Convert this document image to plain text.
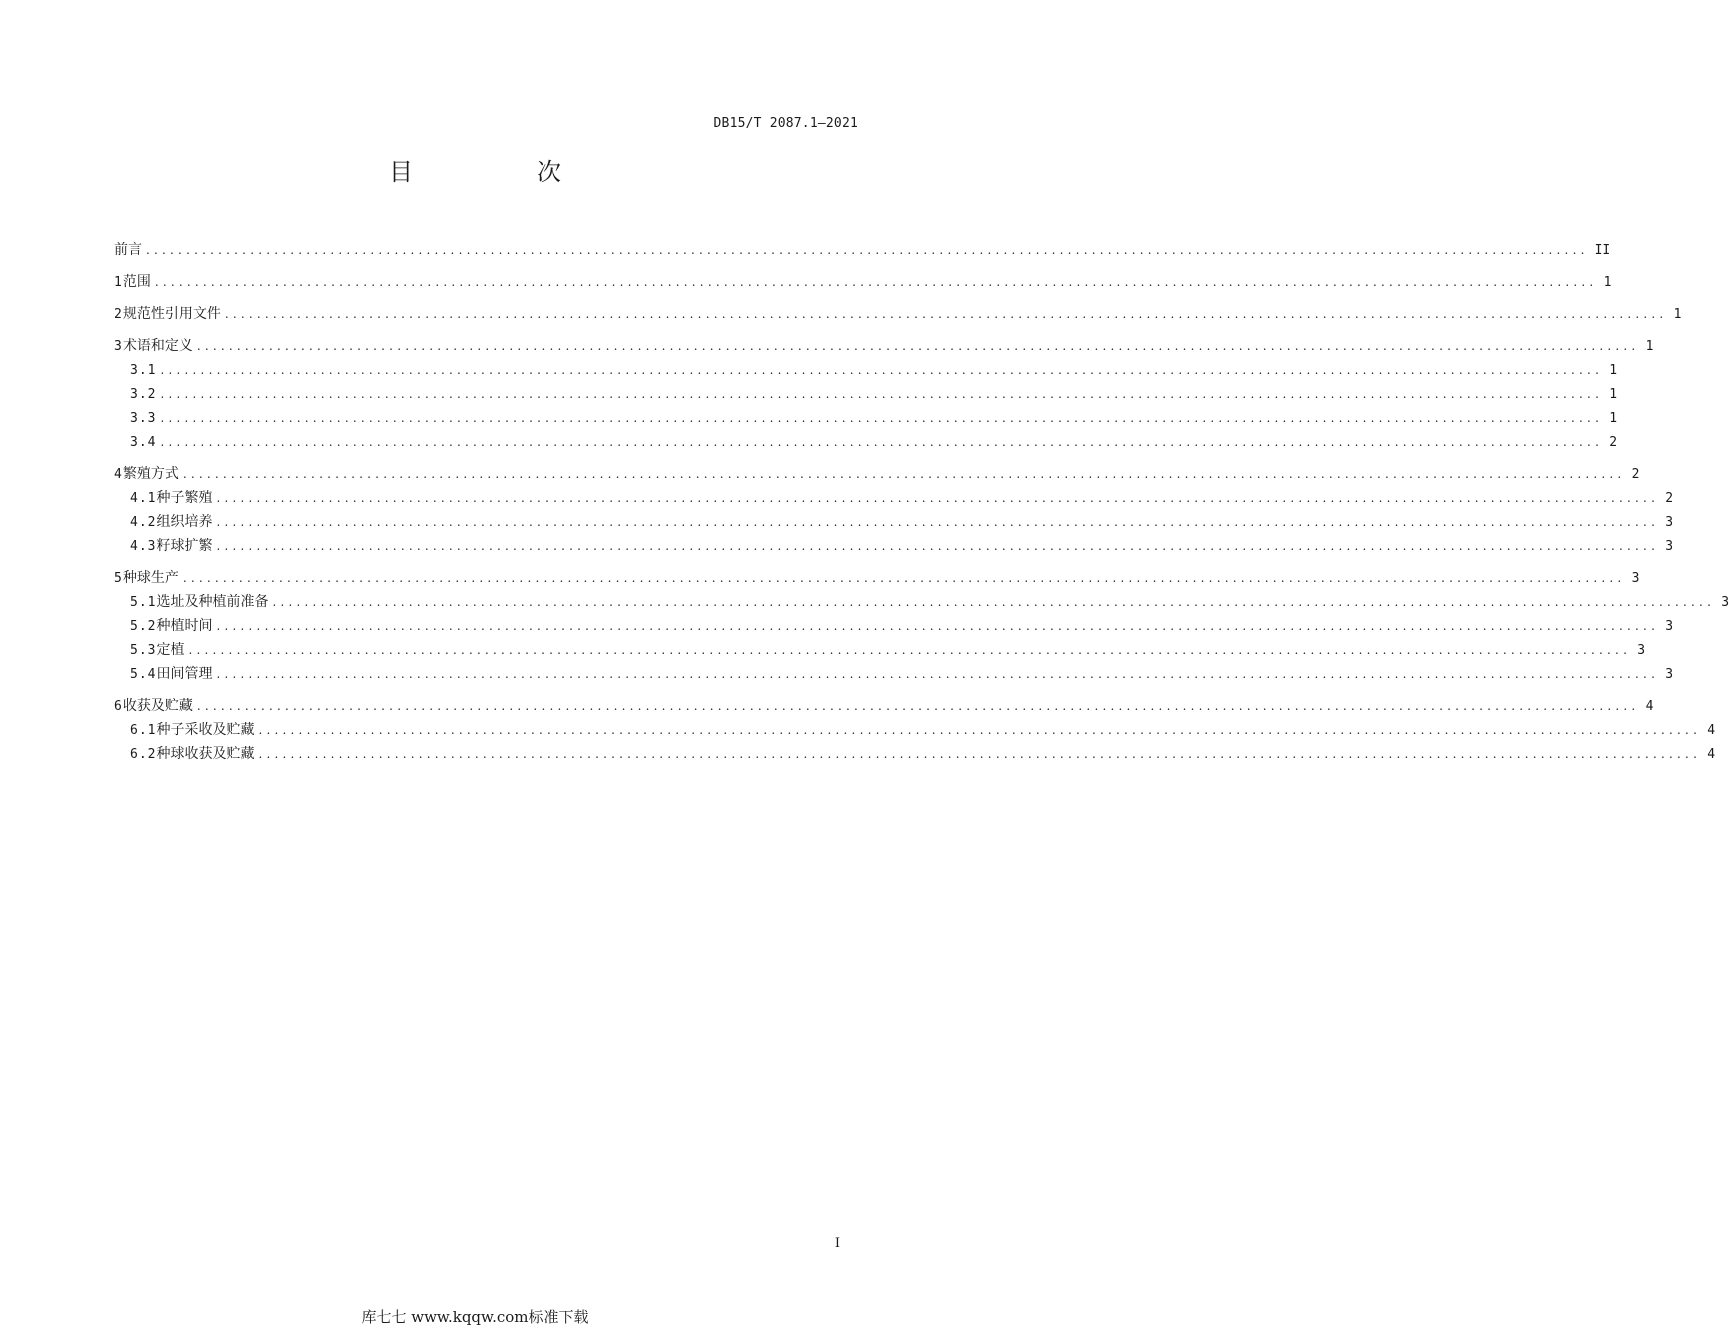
DB15/T 2087.1—2021
目　次
前言 .....	II
1 范围 .....	1
2 规范性引用文件 .....	1
3 术语和定义 .....	1
3.1 .....	1
3.2 .....	1
3.3 .....	1
3.4 .....	2
4 繁殖方式 .....	2
4.1 种子繁殖 .....	2
4.2 组织培养 .....	3
4.3 籽球扩繁 .....	3
5 种球生产 .....	3
5.1 选址及种植前准备 .....	3
5.2 种植时间 .....	3
5.3 定植 .....	3
5.4 田间管理 .....	3
6 收获及贮藏 .....	4
6.1 种子采收及贮藏 .....	4
6.2 种球收获及贮藏 .....	4
I
库七七 www.kqqw.com标准下载
